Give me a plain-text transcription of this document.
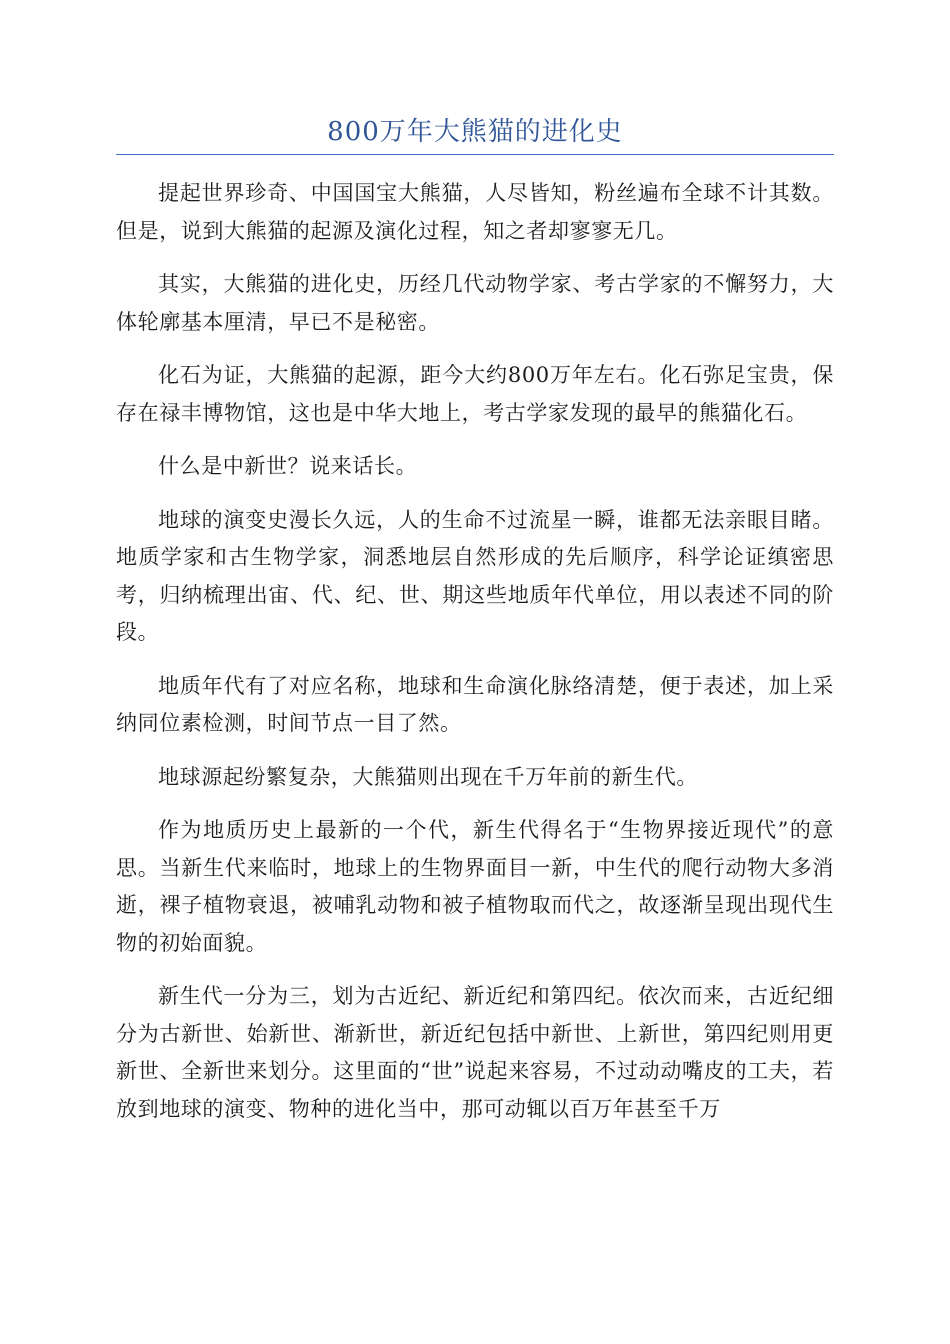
800万年大熊猫的进化史

提起世界珍奇、中国国宝大熊猫，人尽皆知，粉丝遍布全球不计其数。但是，说到大熊猫的起源及演化过程，知之者却寥寥无几。

其实，大熊猫的进化史，历经几代动物学家、考古学家的不懈努力，大体轮廓基本厘清，早已不是秘密。

化石为证，大熊猫的起源，距今大约800万年左右。化石弥足宝贵，保存在禄丰博物馆，这也是中华大地上，考古学家发现的最早的熊猫化石。

什么是中新世？说来话长。

地球的演变史漫长久远，人的生命不过流星一瞬，谁都无法亲眼目睹。地质学家和古生物学家，洞悉地层自然形成的先后顺序，科学论证缜密思考，归纳梳理出宙、代、纪、世、期这些地质年代单位，用以表述不同的阶段。

地质年代有了对应名称，地球和生命演化脉络清楚，便于表述，加上采纳同位素检测，时间节点一目了然。

地球源起纷繁复杂，大熊猫则出现在千万年前的新生代。

作为地质历史上最新的一个代，新生代得名于“生物界接近现代”的意思。当新生代来临时，地球上的生物界面目一新，中生代的爬行动物大多消逝，裸子植物衰退，被哺乳动物和被子植物取而代之，故逐渐呈现出现代生物的初始面貌。

新生代一分为三，划为古近纪、新近纪和第四纪。依次而来，古近纪细分为古新世、始新世、渐新世，新近纪包括中新世、上新世，第四纪则用更新世、全新世来划分。这里面的“世”说起来容易，不过动动嘴皮的工夫，若放到地球的演变、物种的进化当中，那可动辄以百万年甚至千万
